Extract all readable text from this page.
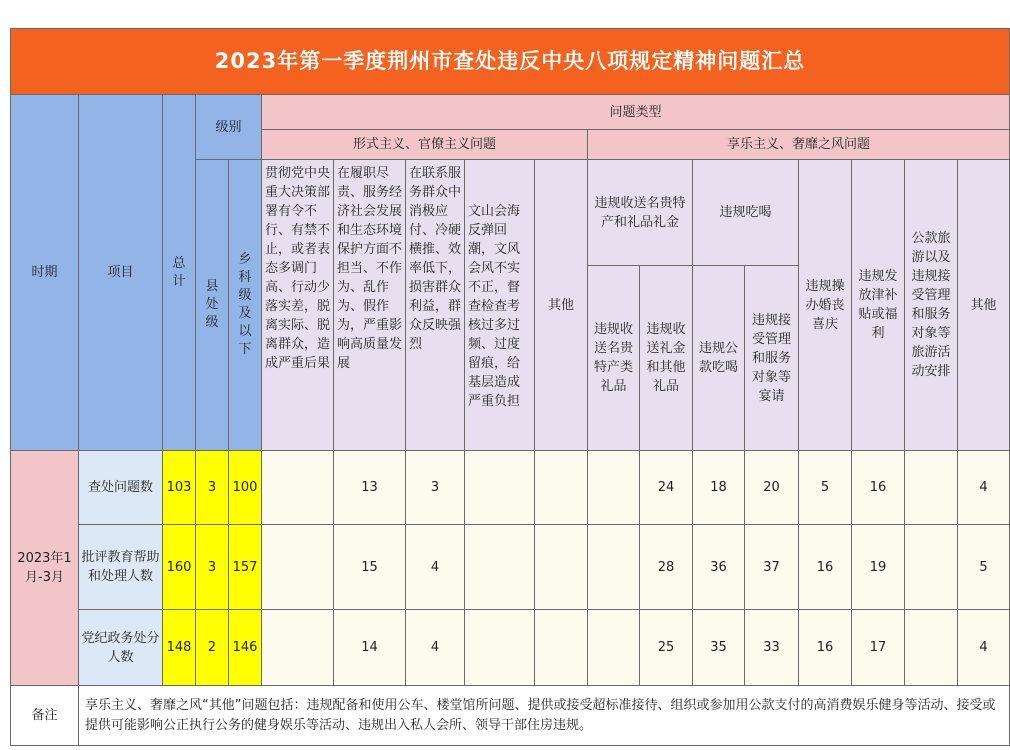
2023年第一季度荆州市查处违反中央八项规定精神问题汇总																	
时期	项目	总计	级别		问题类型												
					形式主义、官僚主义问题					享乐主义、奢靡之风问题							

			县处级	乡科级及以下	贯彻党中央重大决策部署有令不行、有禁不止，或者表态多调门高、行动少落实差，脱离实际、脱离群众，造成严重后果	在履职尽责、服务经济社会发展和生态环境保护方面不担当、不作为、乱作为、假作为，严重影响高质量发展	在联系服务群众中消极应付、冷硬横推、效率低下，损害群众利益，群众反映强烈	文山会海反弹回潮，文风会风不实不正，督查检查考核过多过频、过度留痕，给基层造成严重负担	其他	违规收送名贵特产和礼品礼金		违规吃喝		违规操办婚丧喜庆	违规发放津补贴或福利	公款旅游以及违规接受管理和服务对象等旅游活动安排	其他
										违规收送名贵特产类礼品	违规收送礼金和其他礼品	违规公款吃喝	违规接受管理和服务对象等宴请				
2023年1月-3月	查处问题数	103	3	100		13	3				24	18	20	5	16		4
	批评教育帮助和处理人数	160	3	157		15	4				28	36	37	16	19		5
	党纪政务处分人数	148	2	146		14	4				25	35	33	16	17		4
备注	享乐主义、奢靡之风“其他”问题包括：违规配备和使用公车、楼堂馆所问题、提供或接受超标准接待、组织或参加用公款支付的高消费娱乐健身等活动、接受或提供可能影响公正执行公务的健身娱乐等活动、违规出入私人会所、领导干部住房违规。																
